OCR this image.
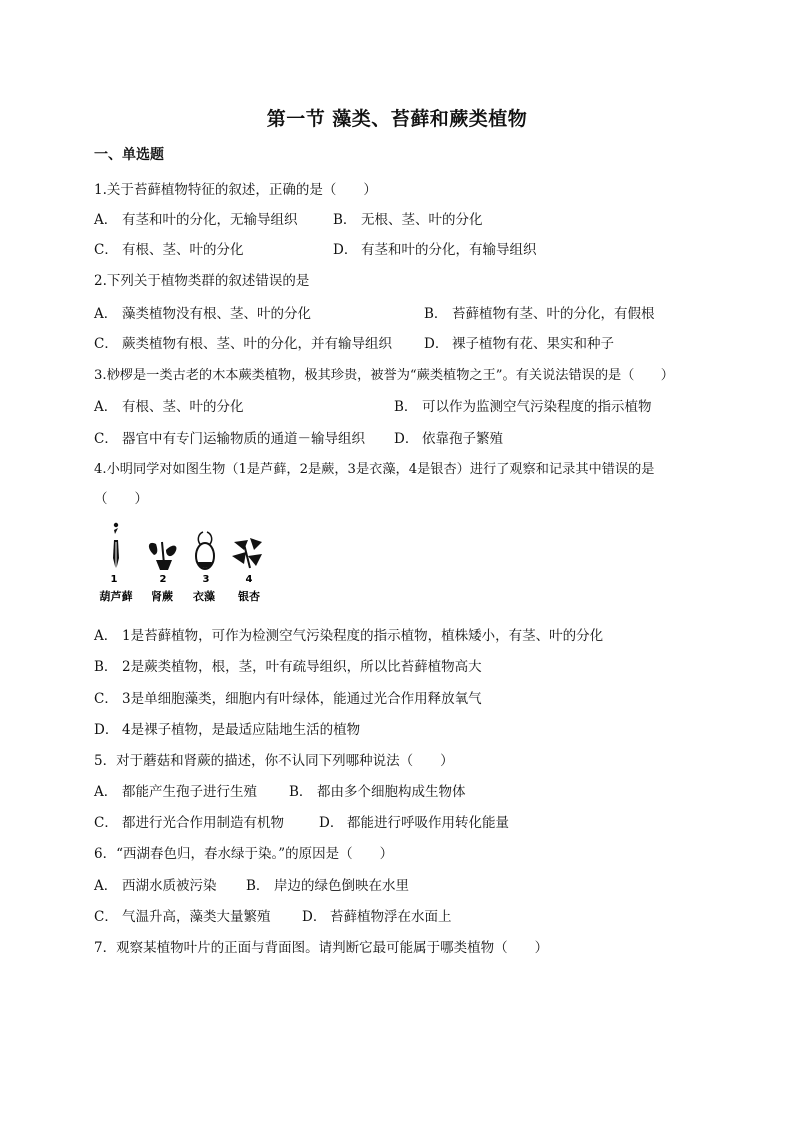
第一节 藻类、苔藓和蕨类植物
一、单选题
1.关于苔藓植物特征的叙述，正确的是（　　）
A． 有茎和叶的分化，无输导组织	B． 无根、茎、叶的分化
C． 有根、茎、叶的分化	D． 有茎和叶的分化，有输导组织
2.下列关于植物类群的叙述错误的是
A． 藻类植物没有根、茎、叶的分化	B． 苔藓植物有茎、叶的分化，有假根
C． 蕨类植物有根、茎、叶的分化，并有输导组织 D． 裸子植物有花、果实和种子
3.桫椤是一类古老的木本蕨类植物，极其珍贵，被誉为“蕨类植物之王”。有关说法错误的是（　　）
A． 有根、茎、叶的分化	B． 可以作为监测空气污染程度的指示植物
C． 器官中有专门运输物质的通道－输导组织 D． 依靠孢子繁殖
4.小明同学对如图生物（1是芦藓，2是蕨，3是衣藻，4是银杏）进行了观察和记录其中错误的是
（　　）
1	2	3	4
葫芦藓 肾蕨 衣藻 银杏
A． 1是苔藓植物，可作为检测空气污染程度的指示植物，植株矮小，有茎、叶的分化
B． 2是蕨类植物，根，茎，叶有疏导组织，所以比苔藓植物高大
C． 3是单细胞藻类，细胞内有叶绿体，能通过光合作用释放氧气
D． 4是裸子植物，是最适应陆地生活的植物
5．对于蘑菇和肾蕨的描述，你不认同下列哪种说法（　　）
A． 都能产生孢子进行生殖 B． 都由多个细胞构成生物体
C． 都进行光合作用制造有机物	D． 都能进行呼吸作用转化能量
6．“西湖春色归，春水绿于染。”的原因是（　　）
A． 西湖水质被污染 B． 岸边的绿色倒映在水里
C． 气温升高，藻类大量繁殖 D． 苔藓植物浮在水面上
7．观察某植物叶片的正面与背面图。请判断它最可能属于哪类植物（　　）
